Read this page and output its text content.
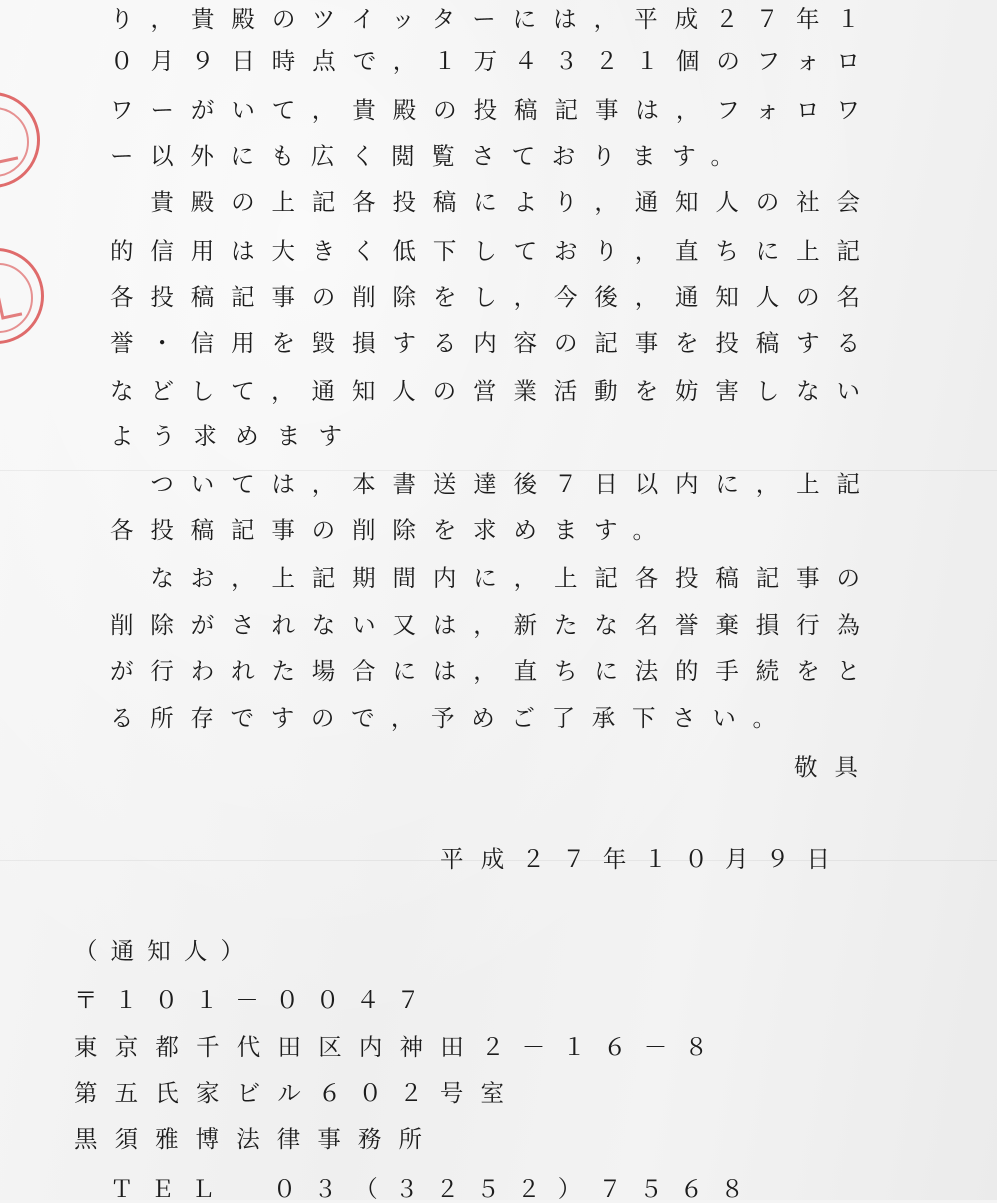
り，貴殿のツイッターには，平成２７年１
０月９日時点で，１万４３２１個のフォロ
ワーがいて，貴殿の投稿記事は，フォロワ
ー以外にも広く閲覧さております。
　貴殿の上記各投稿により，通知人の社会
的信用は大きく低下しており，直ちに上記
各投稿記事の削除をし，今後，通知人の名
誉・信用を毀損する内容の記事を投稿する
などして，通知人の営業活動を妨害しない
よう求めます
　ついては，本書送達後７日以内に，上記
各投稿記事の削除を求めます。
　なお，上記期間内に，上記各投稿記事の
削除がされない又は，新たな名誉棄損行為
が行われた場合には，直ちに法的手続をと
る所存ですので，予めご了承下さい。
敬具
平成２７年１０月９日
（通知人）
〒１０１－００４７
東京都千代田区内神田２－１６－８
第五氏家ビル６０２号室
黒須雅博法律事務所
ＴＥＬ　０３（３２５２）７５６８
